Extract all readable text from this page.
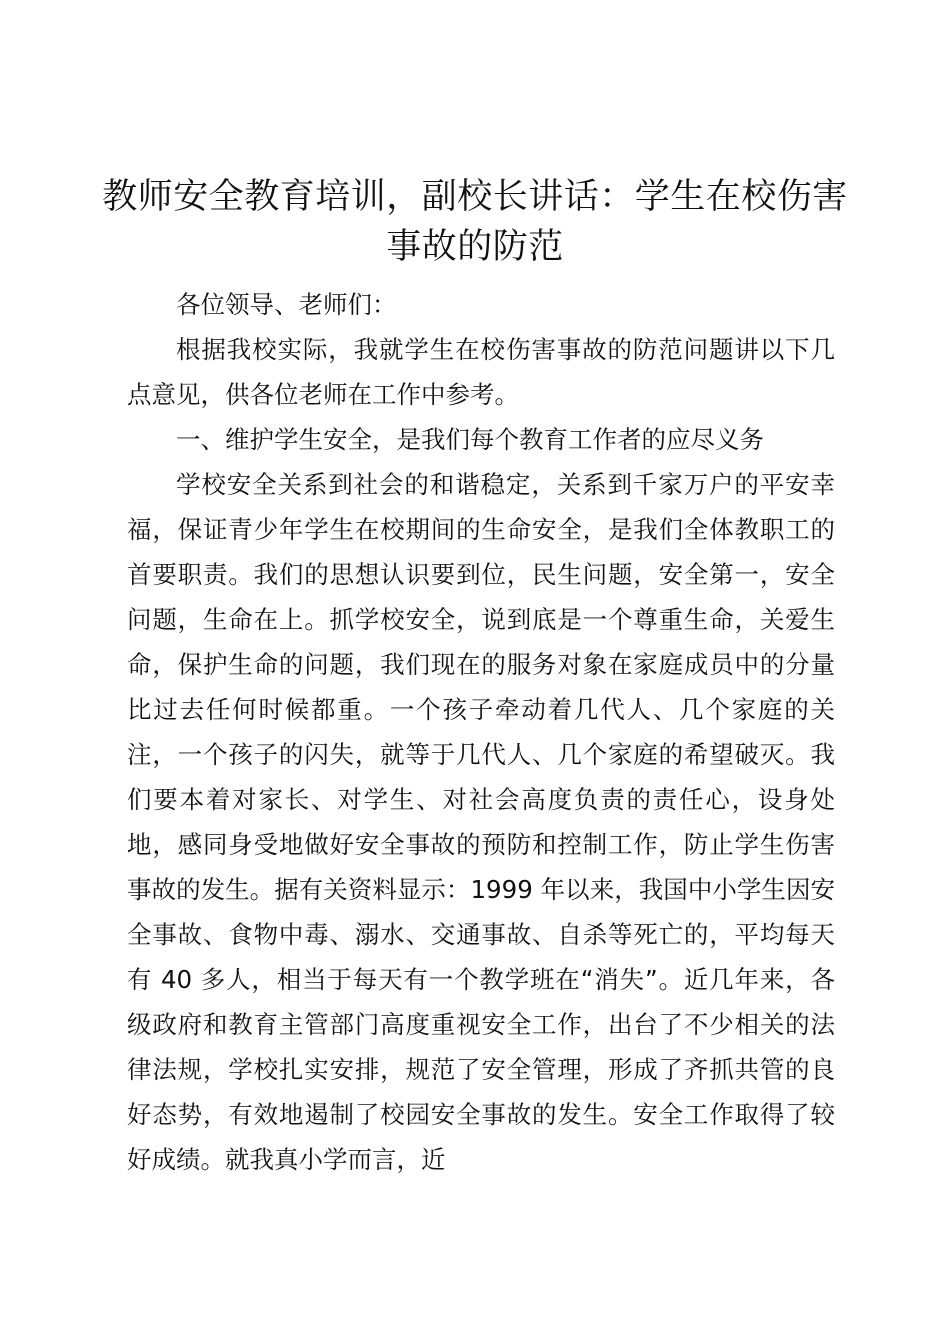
教师安全教育培训，副校长讲话：学生在校伤害事故的防范

各位领导、老师们：

根据我校实际，我就学生在校伤害事故的防范问题讲以下几点意见，供各位老师在工作中参考。

一、维护学生安全，是我们每个教育工作者的应尽义务

学校安全关系到社会的和谐稳定，关系到千家万户的平安幸福，保证青少年学生在校期间的生命安全，是我们全体教职工的首要职责。我们的思想认识要到位，民生问题，安全第一，安全问题，生命在上。抓学校安全，说到底是一个尊重生命，关爱生命，保护生命的问题，我们现在的服务对象在家庭成员中的分量比过去任何时候都重。一个孩子牵动着几代人、几个家庭的关注，一个孩子的闪失，就等于几代人、几个家庭的希望破灭。我们要本着对家长、对学生、对社会高度负责的责任心，设身处地，感同身受地做好安全事故的预防和控制工作，防止学生伤害事故的发生。据有关资料显示：1999 年以来，我国中小学生因安全事故、食物中毒、溺水、交通事故、自杀等死亡的，平均每天有 40 多人，相当于每天有一个教学班在“消失”。近几年来，各级政府和教育主管部门高度重视安全工作，出台了不少相关的法律法规，学校扎实安排，规范了安全管理，形成了齐抓共管的良好态势，有效地遏制了校园安全事故的发生。安全工作取得了较好成绩。就我真小学而言，近
